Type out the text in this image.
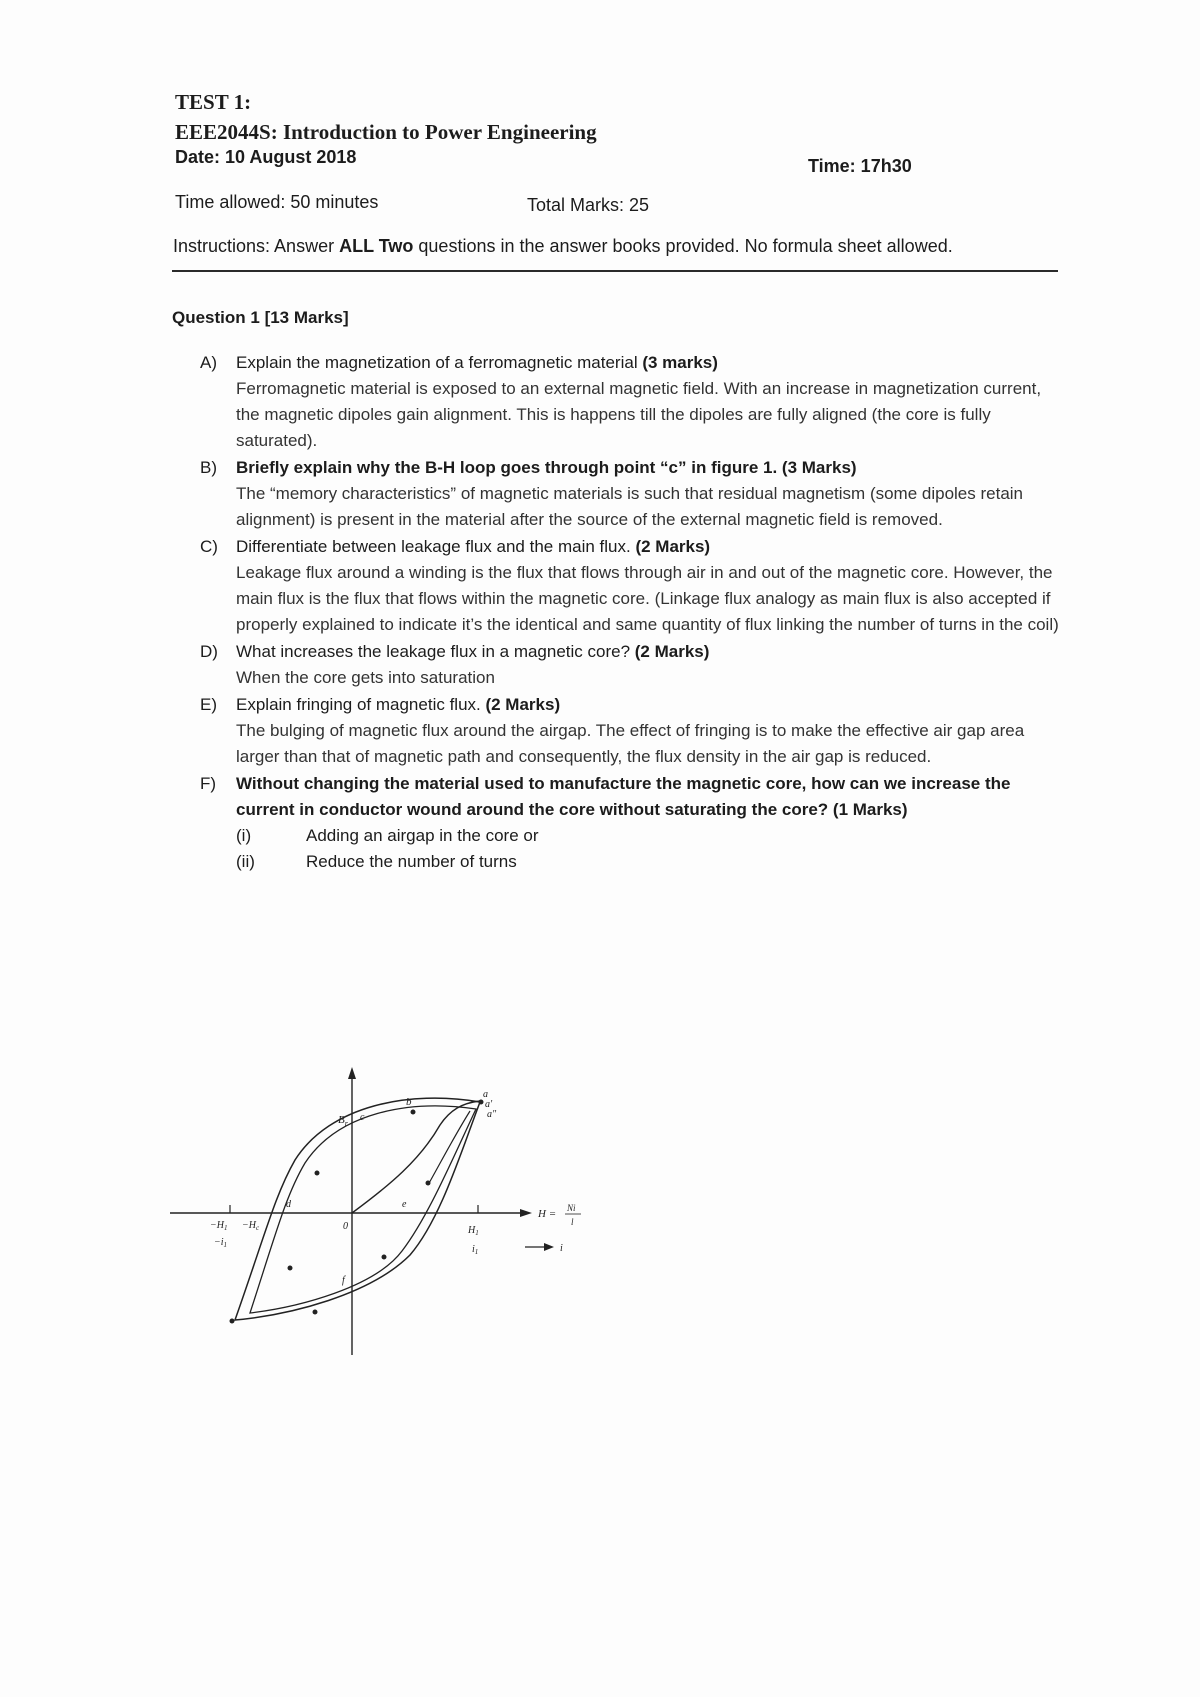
TEST 1:
EEE2044S: Introduction to Power Engineering
Date: 10 August 2018	Time: 17h30
Time allowed: 50 minutes	Total Marks: 25
Instructions: Answer ALL Two questions in the answer books provided. No formula sheet allowed.
Question 1 [13 Marks]
A) Explain the magnetization of a ferromagnetic material (3 marks)
Ferromagnetic material is exposed to an external magnetic field. With an increase in magnetization current, the magnetic dipoles gain alignment. This is happens till the dipoles are fully aligned (the core is fully saturated).
B) Briefly explain why the B-H loop goes through point “c” in figure 1. (3 Marks)
The “memory characteristics” of magnetic materials is such that residual magnetism (some dipoles retain alignment) is present in the material after the source of the external magnetic field is removed.
C) Differentiate between leakage flux and the main flux. (2 Marks)
Leakage flux around a winding is the flux that flows through air in and out of the magnetic core. However, the main flux is the flux that flows within the magnetic core. (Linkage flux analogy as main flux is also accepted if properly explained to indicate it’s the identical and same quantity of flux linking the number of turns in the coil)
D) What increases the leakage flux in a magnetic core? (2 Marks)
When the core gets into saturation
E) Explain fringing of magnetic flux. (2 Marks)
The bulging of magnetic flux around the airgap. The effect of fringing is to make the effective air gap area larger than that of magnetic path and consequently, the flux density in the air gap is reduced.
F) Without changing the material used to manufacture the magnetic core, how can we increase the current in conductor wound around the core without saturating the core? (1 Marks)
(i)	Adding an airgap in the core or
(ii)	Reduce the number of turns
b
a
a'
a"
$B_r$
c
d	e
f
0
$-H_1 -H_c$
$-i_1$
$H_1$
$i_1$
H = Ni
l
i
